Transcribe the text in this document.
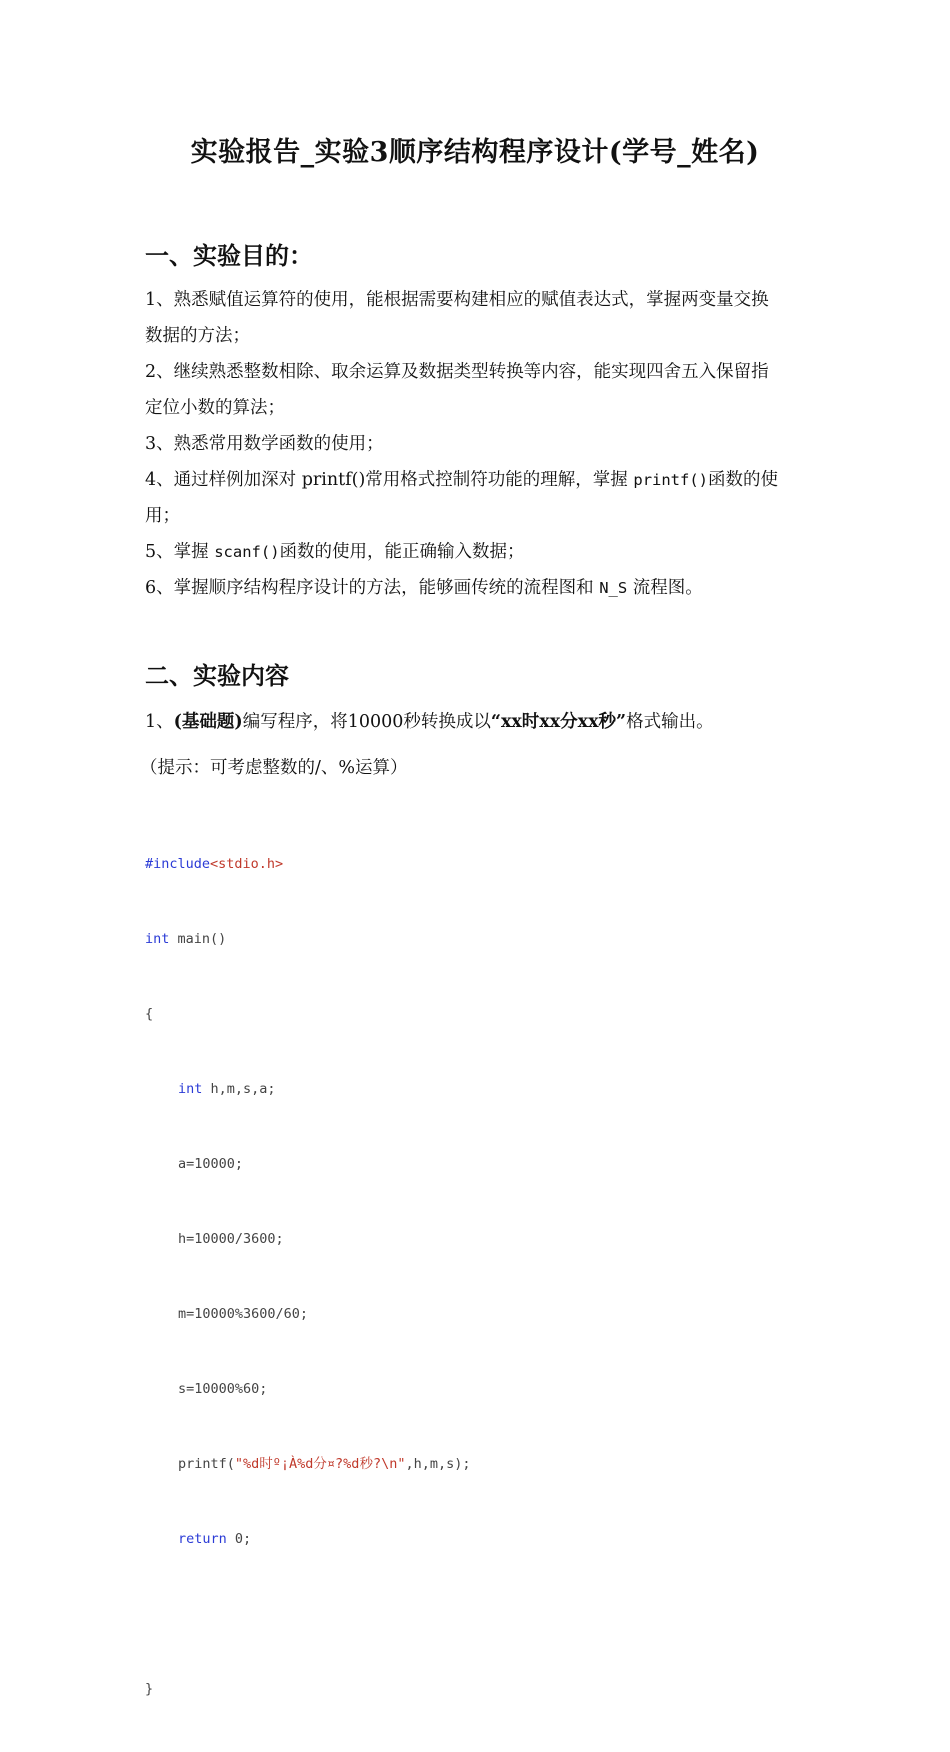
实验报告_实验3顺序结构程序设计(学号_姓名)
一、实验目的：
1、熟悉赋值运算符的使用，能根据需要构建相应的赋值表达式，掌握两变量交换
数据的方法；
2、继续熟悉整数相除、取余运算及数据类型转换等内容，能实现四舍五入保留指
定位小数的算法；
3、熟悉常用数学函数的使用；
4、通过样例加深对 printf()常用格式控制符功能的理解，掌握 printf()函数的使
用；
5、掌握 scanf()函数的使用，能正确输入数据；
6、掌握顺序结构程序设计的方法，能够画传统的流程图和 N_S 流程图。
二、实验内容
1、(基础题)编写程序，将10000秒转换成以“xx时xx分xx秒”格式输出。
（提示：可考虑整数的/、%运算）

#include<stdio.h>

int main()

{

int h,m,s,a;

a=10000;

h=10000/3600;

m=10000%3600/60;

s=10000%60;

printf("%d时º¡À%d分¤?%d秒?\n",h,m,s);

return 0;

}
